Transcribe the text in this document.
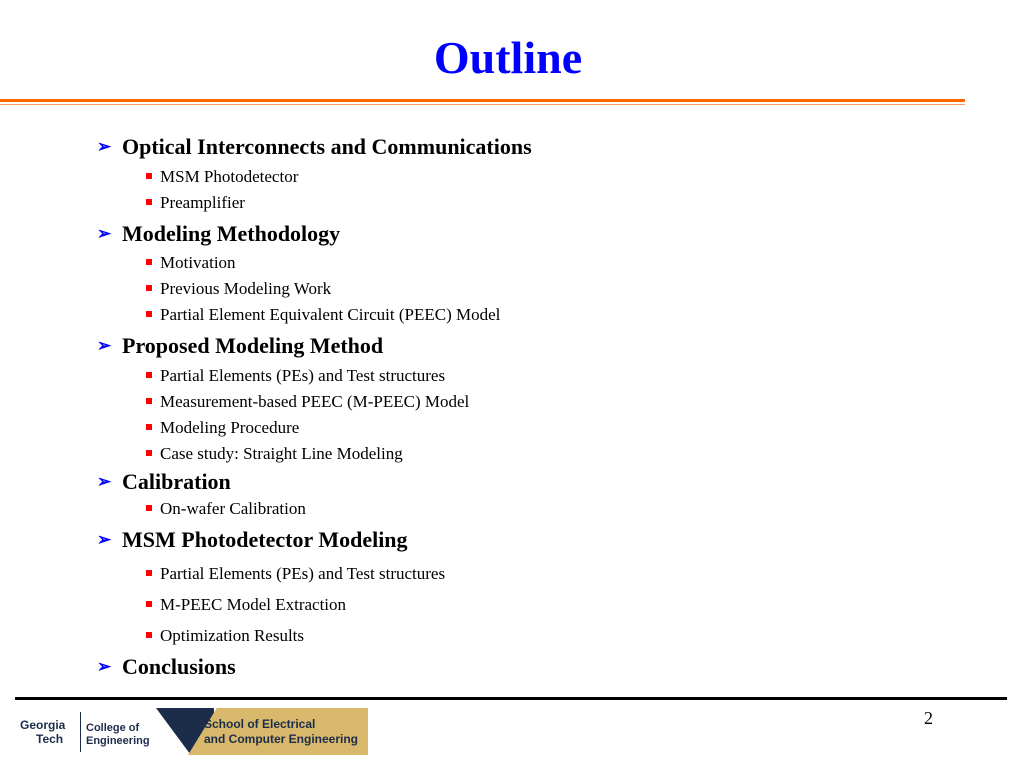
Outline
➢ Optical Interconnects and Communications
MSM Photodetector
Preamplifier
➢ Modeling Methodology
Motivation
Previous Modeling Work
Partial Element Equivalent Circuit (PEEC) Model
➢ Proposed Modeling Method
Partial Elements (PEs) and Test structures
Measurement-based PEEC (M-PEEC) Model
Modeling Procedure
Case study: Straight Line Modeling
➢ Calibration
On-wafer Calibration
➢ MSM Photodetector Modeling
Partial Elements (PEs) and Test structures
M-PEEC Model Extraction
Optimization Results
➢ Conclusions
Georgia
Tech
College of
Engineering
School of Electrical
and Computer Engineering
2
